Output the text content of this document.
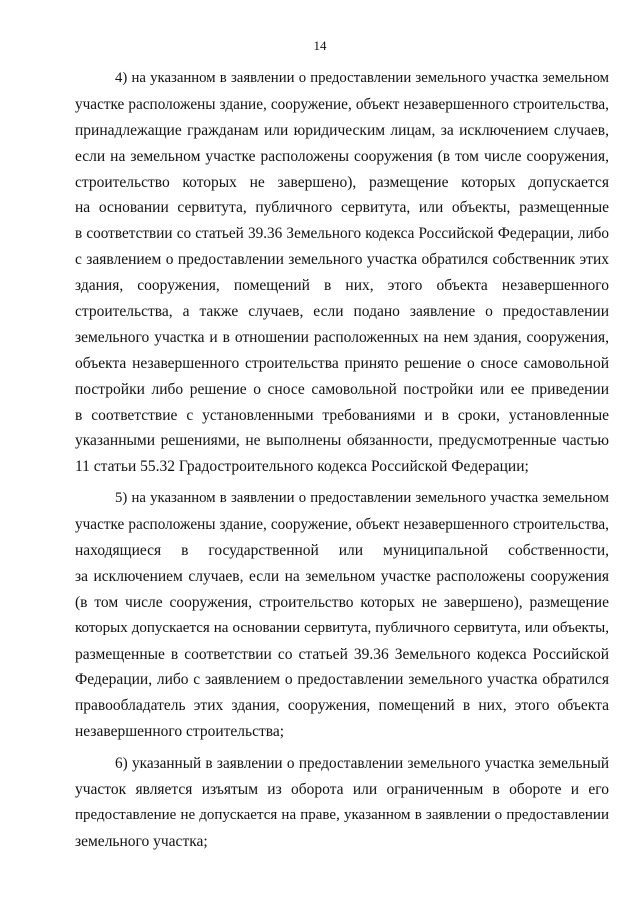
14
4) на указанном в заявлении о предоставлении земельного участка земельном
участке расположены здание, сооружение, объект незавершенного строительства,
принадлежащие гражданам или юридическим лицам, за исключением случаев,
если на земельном участке расположены сооружения (в том числе сооружения,
строительство которых не завершено), размещение которых допускается
на основании сервитута, публичного сервитута, или объекты, размещенные
в соответствии со статьей 39.36 Земельного кодекса Российской Федерации, либо
с заявлением о предоставлении земельного участка обратился собственник этих
здания, сооружения, помещений в них, этого объекта незавершенного
строительства, а также случаев, если подано заявление о предоставлении
земельного участка и в отношении расположенных на нем здания, сооружения,
объекта незавершенного строительства принято решение о сносе самовольной
постройки либо решение о сносе самовольной постройки или ее приведении
в соответствие с установленными требованиями и в сроки, установленные
указанными решениями, не выполнены обязанности, предусмотренные частью
11 статьи 55.32 Градостроительного кодекса Российской Федерации;
5) на указанном в заявлении о предоставлении земельного участка земельном
участке расположены здание, сооружение, объект незавершенного строительства,
находящиеся в государственной или муниципальной собственности,
за исключением случаев, если на земельном участке расположены сооружения
(в том числе сооружения, строительство которых не завершено), размещение
которых допускается на основании сервитута, публичного сервитута, или объекты,
размещенные в соответствии со статьей 39.36 Земельного кодекса Российской
Федерации, либо с заявлением о предоставлении земельного участка обратился
правообладатель этих здания, сооружения, помещений в них, этого объекта
незавершенного строительства;
6) указанный в заявлении о предоставлении земельного участка земельный
участок является изъятым из оборота или ограниченным в обороте и его
предоставление не допускается на праве, указанном в заявлении о предоставлении
земельного участка;
